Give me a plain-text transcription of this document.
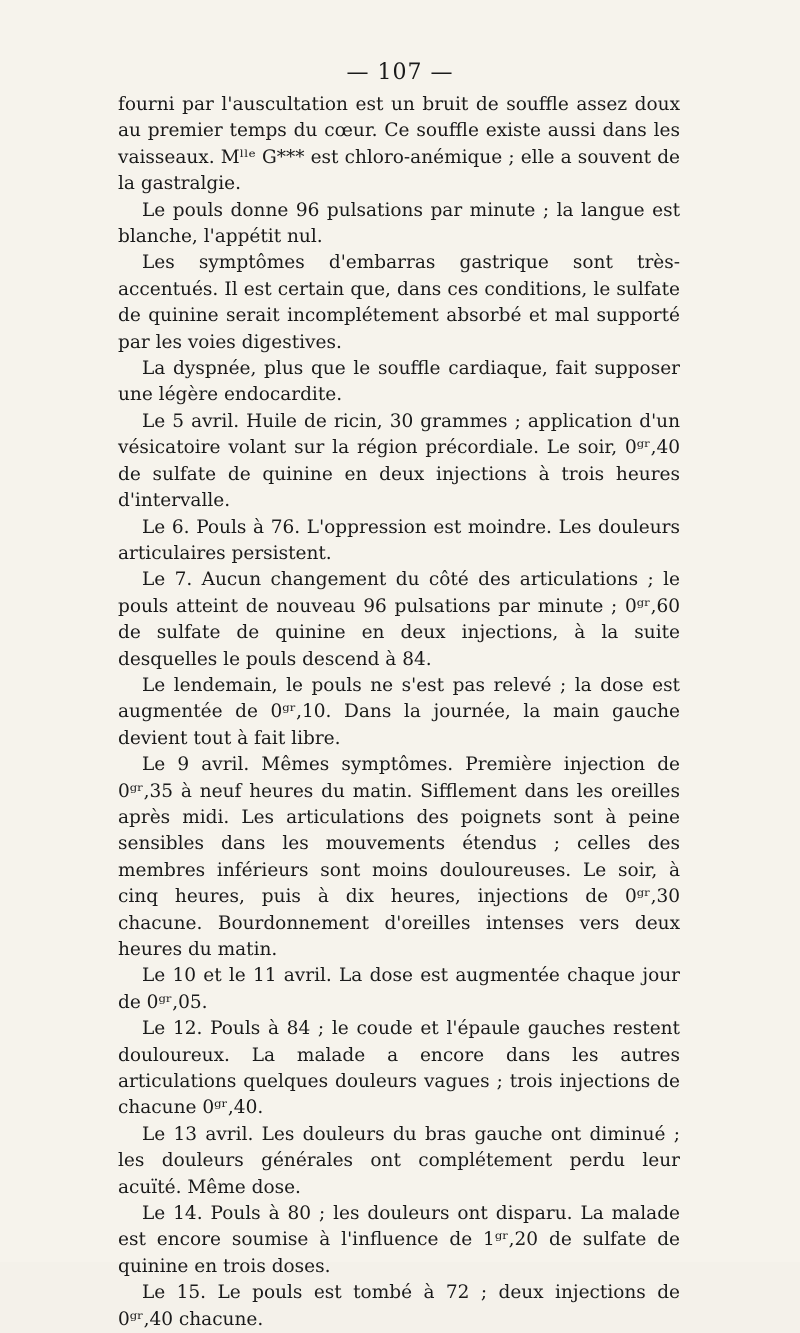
— 107 —

fourni par l'auscultation est un bruit de souffle assez doux au premier temps du cœur. Ce souffle existe aussi dans les vaisseaux. Mˡˡᵉ G*** est chloro-anémique ; elle a souvent de la gastralgie.

Le pouls donne 96 pulsations par minute ; la langue est blanche, l'appétit nul.

Les symptômes d'embarras gastrique sont très-accentués. Il est certain que, dans ces conditions, le sulfate de quinine serait incomplétement absorbé et mal supporté par les voies digestives.

La dyspnée, plus que le souffle cardiaque, fait supposer une légère endocardite.

Le 5 avril. Huile de ricin, 30 grammes ; application d'un vésicatoire volant sur la région précordiale. Le soir, 0ᵍʳ,40 de sulfate de quinine en deux injections à trois heures d'intervalle.

Le 6. Pouls à 76. L'oppression est moindre. Les douleurs articulaires persistent.

Le 7. Aucun changement du côté des articulations ; le pouls atteint de nouveau 96 pulsations par minute ; 0ᵍʳ,60 de sulfate de quinine en deux injections, à la suite desquelles le pouls descend à 84.

Le lendemain, le pouls ne s'est pas relevé ; la dose est augmentée de 0ᵍʳ,10. Dans la journée, la main gauche devient tout à fait libre.

Le 9 avril. Mêmes symptômes. Première injection de 0ᵍʳ,35 à neuf heures du matin. Sifflement dans les oreilles après midi. Les articulations des poignets sont à peine sensibles dans les mouvements étendus ; celles des membres inférieurs sont moins douloureuses. Le soir, à cinq heures, puis à dix heures, injections de 0ᵍʳ,30 chacune. Bourdonnement d'oreilles intenses vers deux heures du matin.

Le 10 et le 11 avril. La dose est augmentée chaque jour de 0ᵍʳ,05.

Le 12. Pouls à 84 ; le coude et l'épaule gauches restent douloureux. La malade a encore dans les autres articulations quelques douleurs vagues ; trois injections de chacune 0ᵍʳ,40.

Le 13 avril. Les douleurs du bras gauche ont diminué ; les douleurs générales ont complétement perdu leur acuïté. Même dose.

Le 14. Pouls à 80 ; les douleurs ont disparu. La malade est encore soumise à l'influence de 1ᵍʳ,20 de sulfate de quinine en trois doses.

Le 15. Le pouls est tombé à 72 ; deux injections de 0ᵍʳ,40 chacune.
